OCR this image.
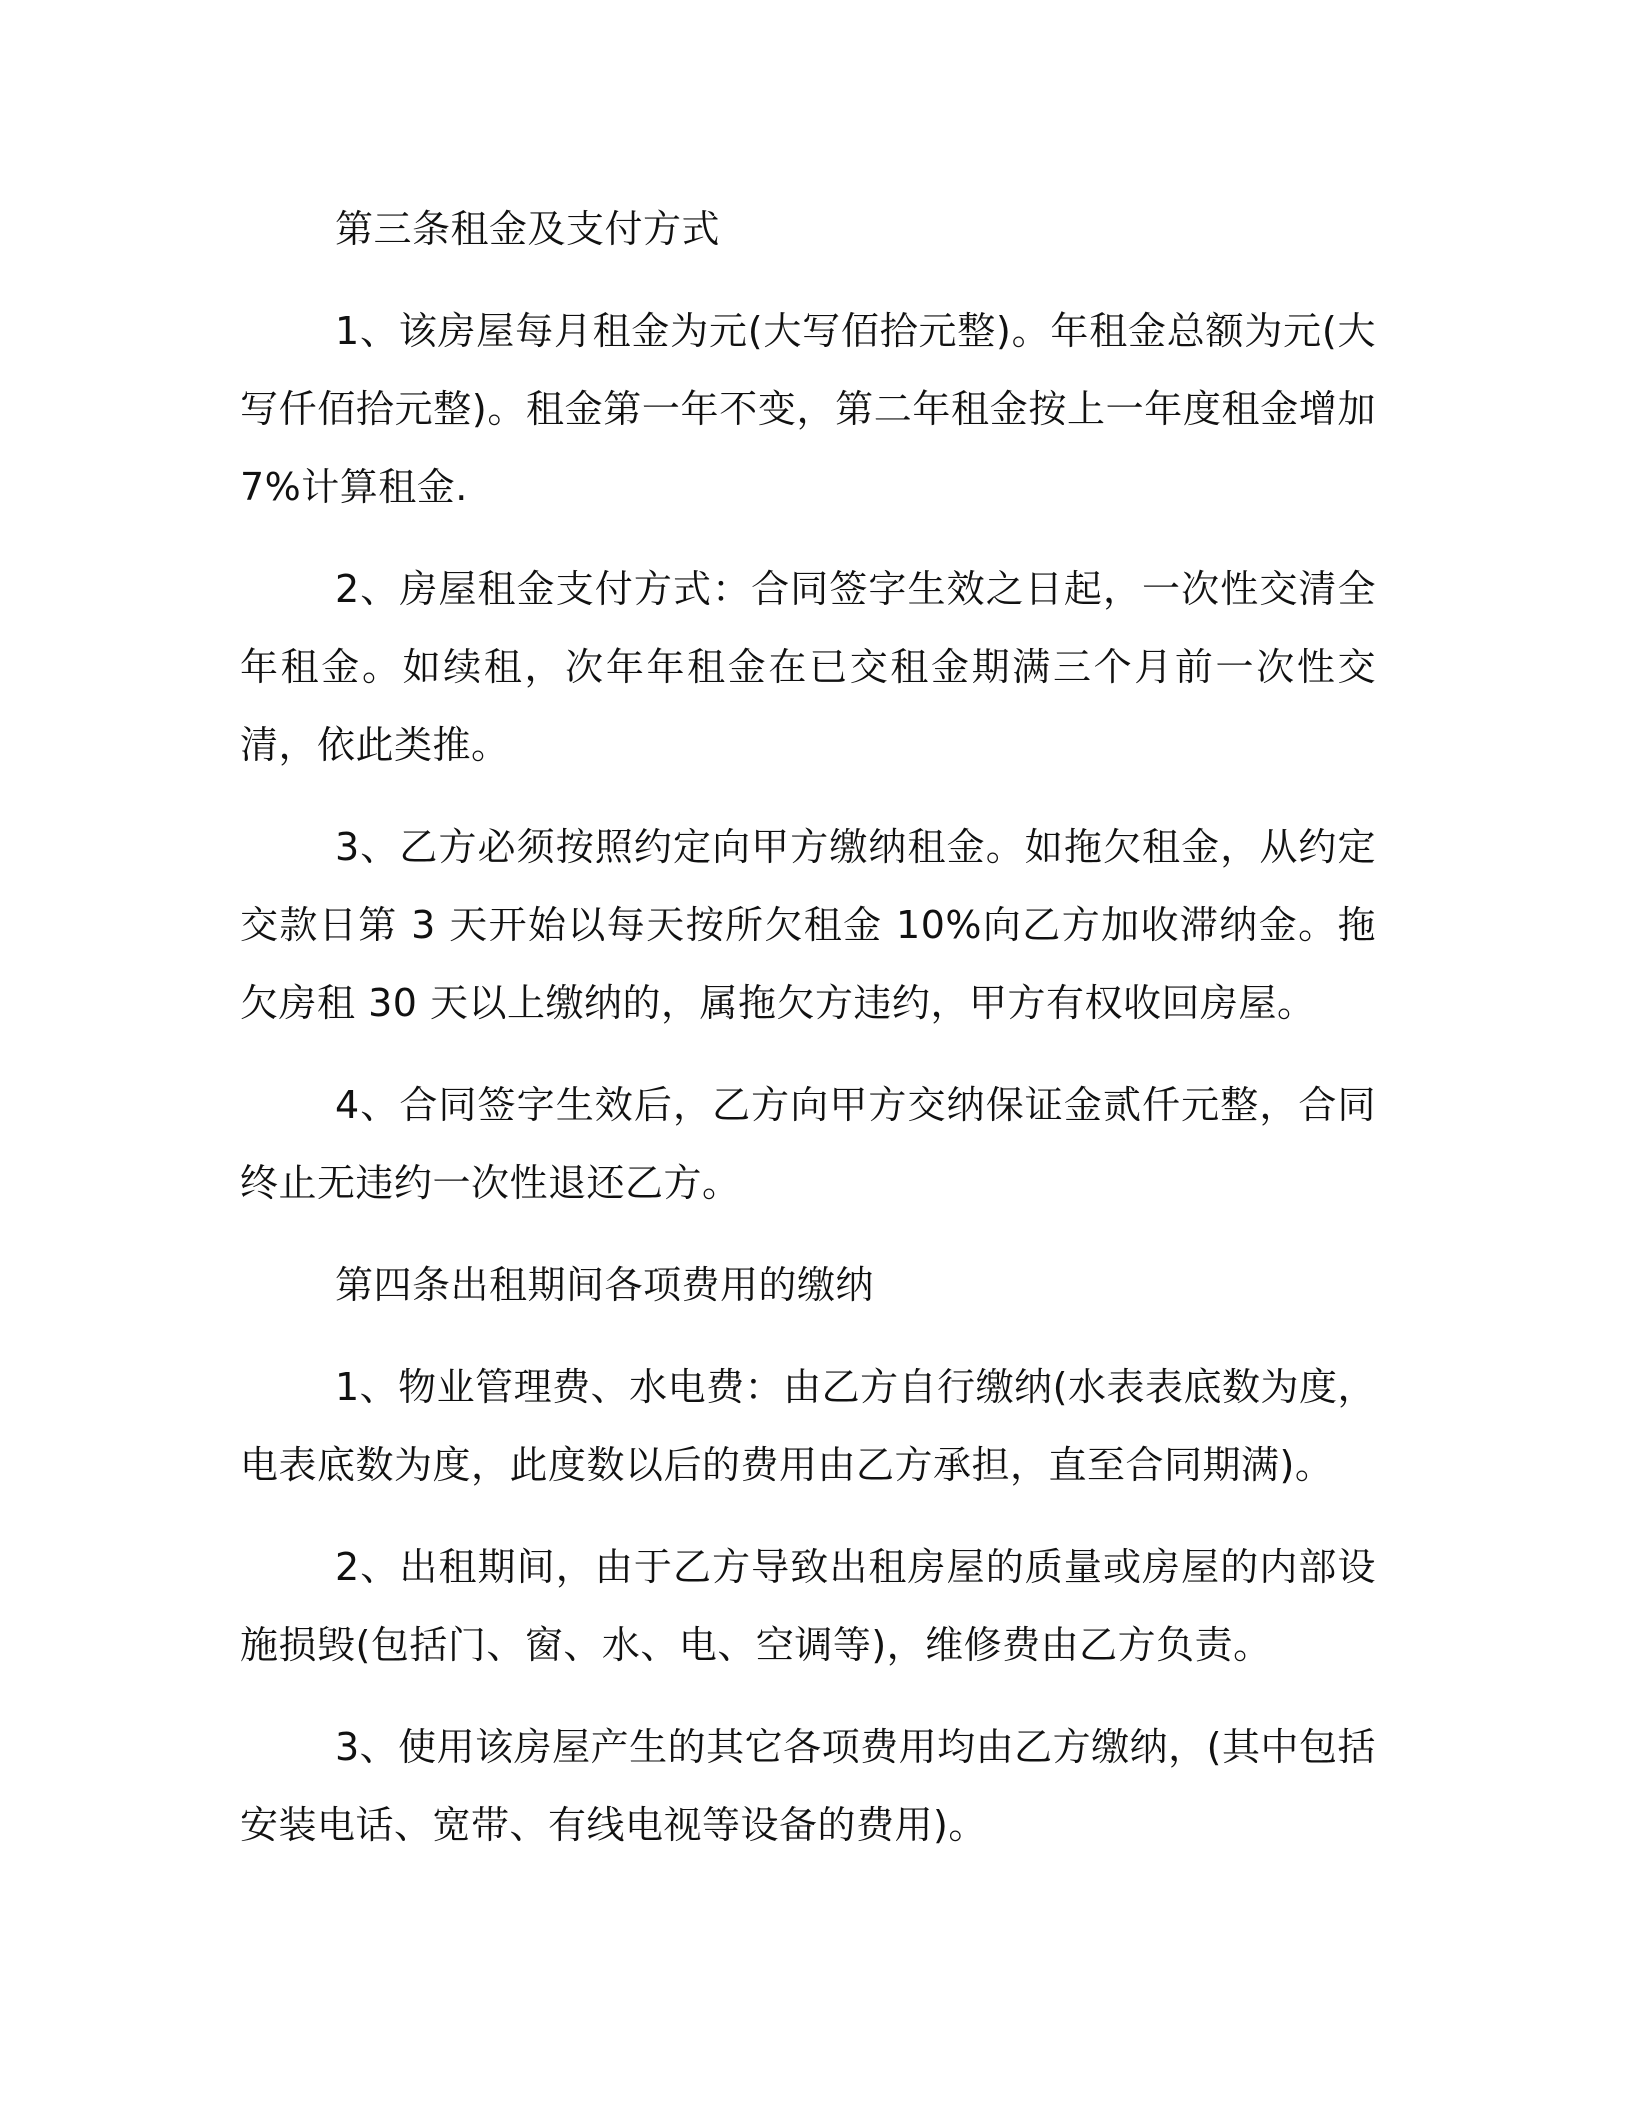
第三条租金及支付方式

1、该房屋每月租金为元(大写佰拾元整)。年租金总额为元(大写仟佰拾元整)。租金第一年不变，第二年租金按上一年度租金增加 7%计算租金.

2、房屋租金支付方式：合同签字生效之日起，一次性交清全年租金。如续租，次年年租金在已交租金期满三个月前一次性交清，依此类推。

3、乙方必须按照约定向甲方缴纳租金。如拖欠租金，从约定交款日第 3 天开始以每天按所欠租金 10%向乙方加收滞纳金。拖欠房租 30 天以上缴纳的，属拖欠方违约，甲方有权收回房屋。

4、合同签字生效后，乙方向甲方交纳保证金贰仟元整，合同终止无违约一次性退还乙方。

第四条出租期间各项费用的缴纳

1、物业管理费、水电费：由乙方自行缴纳(水表表底数为度，电表底数为度，此度数以后的费用由乙方承担，直至合同期满)。

2、出租期间，由于乙方导致出租房屋的质量或房屋的内部设施损毁(包括门、窗、水、电、空调等)，维修费由乙方负责。

3、使用该房屋产生的其它各项费用均由乙方缴纳，(其中包括安装电话、宽带、有线电视等设备的费用)。
